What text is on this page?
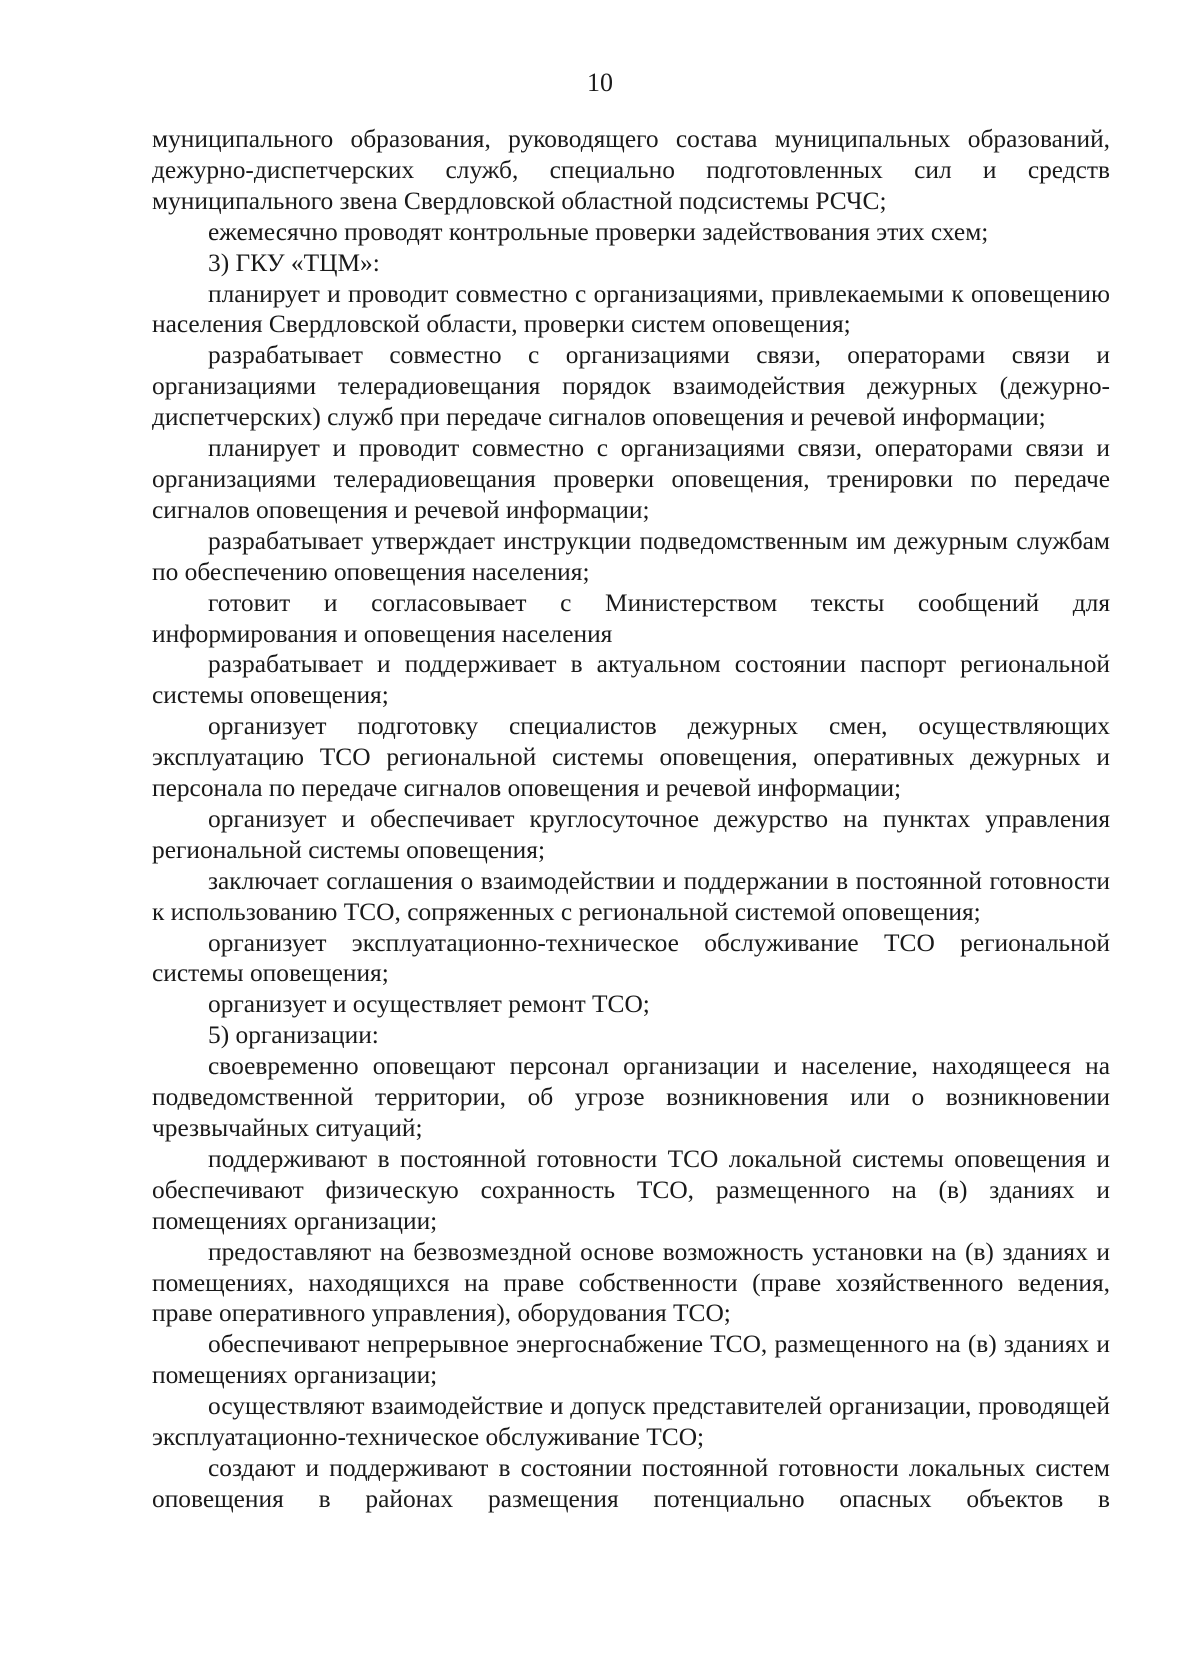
10

муниципального образования, руководящего состава муниципальных образований, дежурно-диспетчерских служб, специально подготовленных сил и средств муниципального звена Свердловской областной подсистемы РСЧС;

ежемесячно проводят контрольные проверки задействования этих схем;

3) ГКУ «ТЦМ»:

планирует и проводит совместно с организациями, привлекаемыми к оповещению населения Свердловской области, проверки систем оповещения;

разрабатывает совместно с организациями связи, операторами связи и организациями телерадиовещания порядок взаимодействия дежурных (дежурно-диспетчерских) служб при передаче сигналов оповещения и речевой информации;

планирует и проводит совместно с организациями связи, операторами связи и организациями телерадиовещания проверки оповещения, тренировки по передаче сигналов оповещения и речевой информации;

разрабатывает утверждает инструкции подведомственным им дежурным службам по обеспечению оповещения населения;

готовит и согласовывает с Министерством тексты сообщений для информирования и оповещения населения

разрабатывает и поддерживает в актуальном состоянии паспорт региональной системы оповещения;

организует подготовку специалистов дежурных смен, осуществляющих эксплуатацию ТСО региональной системы оповещения, оперативных дежурных и персонала по передаче сигналов оповещения и речевой информации;

организует и обеспечивает круглосуточное дежурство на пунктах управления региональной системы оповещения;

заключает соглашения о взаимодействии и поддержании в постоянной готовности к использованию ТСО, сопряженных с региональной системой оповещения;

организует эксплуатационно-техническое обслуживание ТСО региональной системы оповещения;

организует и осуществляет ремонт ТСО;

5) организации:

своевременно оповещают персонал организации и население, находящееся на подведомственной территории, об угрозе возникновения или о возникновении чрезвычайных ситуаций;

поддерживают в постоянной готовности ТСО локальной системы оповещения и обеспечивают физическую сохранность ТСО, размещенного на (в) зданиях и помещениях организации;

предоставляют на безвозмездной основе возможность установки на (в) зданиях и помещениях, находящихся на праве собственности (праве хозяйственного ведения, праве оперативного управления), оборудования ТСО;

обеспечивают непрерывное энергоснабжение ТСО, размещенного на (в) зданиях и помещениях организации;

осуществляют взаимодействие и допуск представителей организации, проводящей эксплуатационно-техническое обслуживание ТСО;

создают и поддерживают в состоянии постоянной готовности локальных систем оповещения в районах размещения потенциально опасных объектов в
